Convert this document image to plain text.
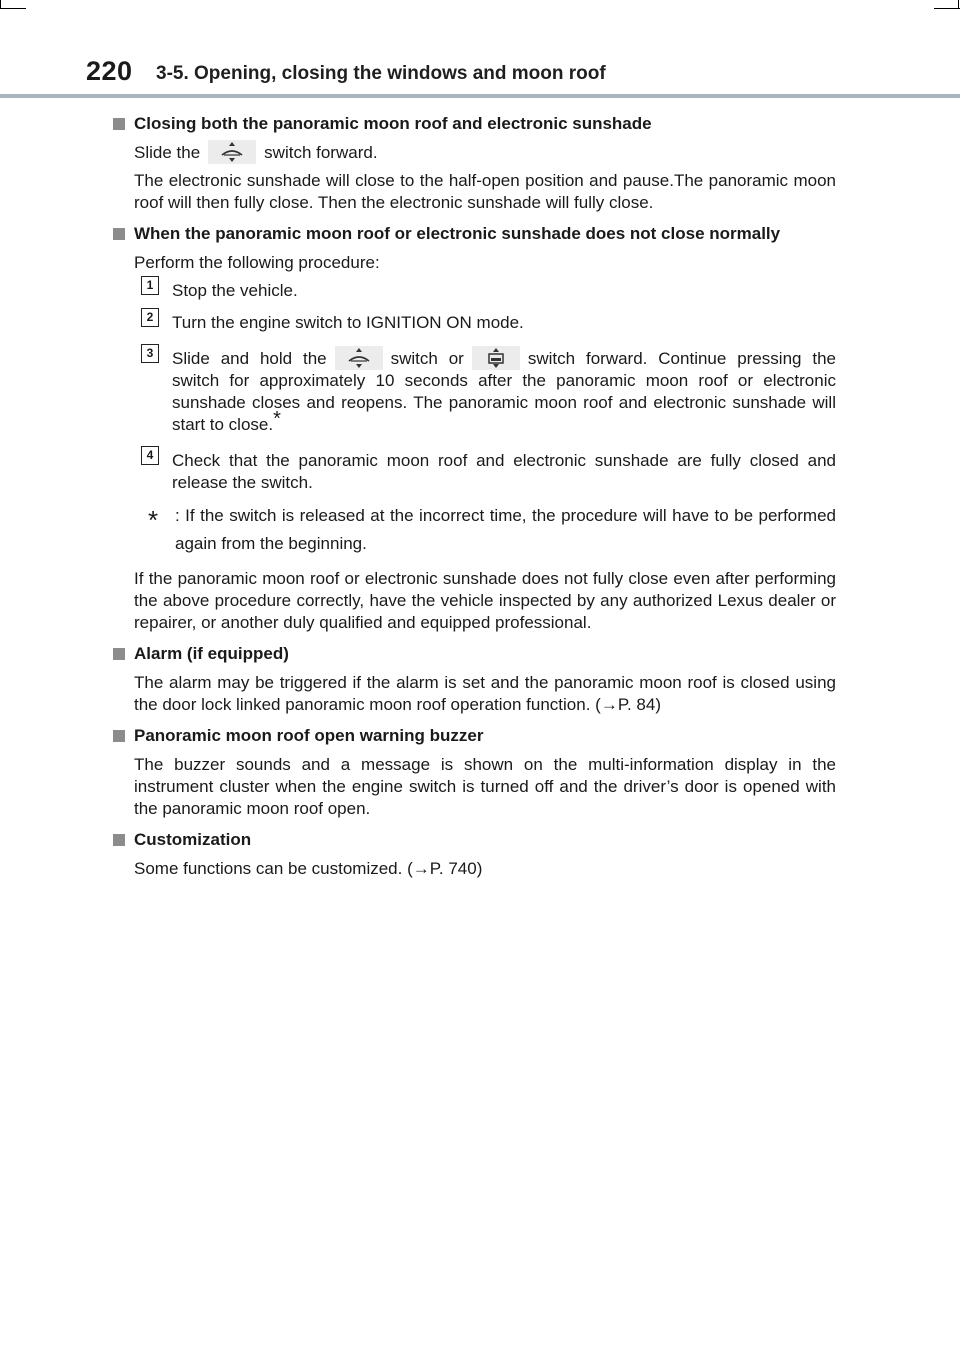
220 3-5. Opening, closing the windows and moon roof
Closing both the panoramic moon roof and electronic sunshade
Slide the	switch forward.
The electronic sunshade will close to the half-open position and pause.The panoramic moon roof will then fully close. Then the electronic sunshade will fully close.
When the panoramic moon roof or electronic sunshade does not close normally
Perform the following procedure:
1	Stop the vehicle.
2	Turn the engine switch to IGNITION ON mode.
3	Slide and hold the	switch or	switch forward. Continue pressing the switch for approximately 10 seconds after the panoramic moon roof or electronic sunshade closes and reopens. The panoramic moon roof and electronic sunshade will start to close.*
4	Check that the panoramic moon roof and electronic sunshade are fully closed and release the switch.
* : If the switch is released at the incorrect time, the procedure will have to be performed again from the beginning.
If the panoramic moon roof or electronic sunshade does not fully close even after performing the above procedure correctly, have the vehicle inspected by any authorized Lexus dealer or repairer, or another duly qualified and equipped professional.
Alarm (if equipped)
The alarm may be triggered if the alarm is set and the panoramic moon roof is closed using the door lock linked panoramic moon roof operation function. (→P. 84)
Panoramic moon roof open warning buzzer
The buzzer sounds and a message is shown on the multi-information display in the instrument cluster when the engine switch is turned off and the driver’s door is opened with the panoramic moon roof open.
Customization
Some functions can be customized. (→P. 740)
